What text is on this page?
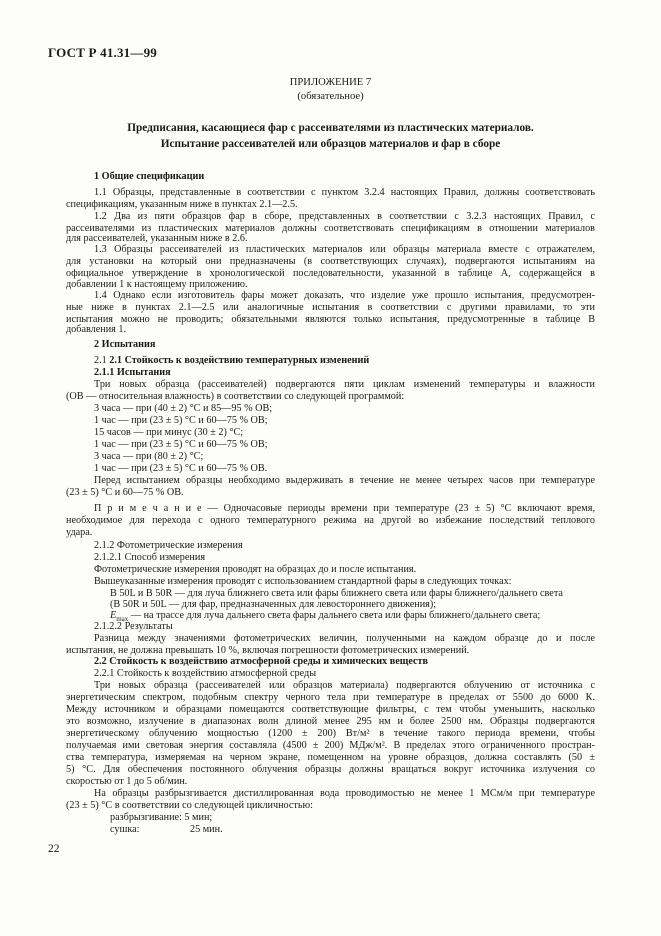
ГОСТ Р 41.31—99
ПРИЛОЖЕНИЕ 7
(обязательное)
Предписания, касающиеся фар с рассеивателями из пластических материалов.
Испытание рассеивателей или образцов материалов и фар в сборе
1 Общие спецификации
1.1 Образцы, представленные в соответствии с пунктом 3.2.4 настоящих Правил, должны соответствовать
спецификациям, указанным ниже в пунктах 2.1—2.5.
1.2 Два из пяти образцов фар в сборе, представленных в соответствии с 3.2.3 настоящих Правил, с
рассеивателями из пластических материалов должны соответствовать спецификациям в отношении материалов
для рассеивателей, указанным ниже в 2.6.
1.3 Образцы рассеивателей из пластических материалов или образцы материала вместе с отражателем,
для установки на который они предназначены (в соответствующих случаях), подвергаются испытаниям на
официальное утверждение в хронологической последовательности, указанной в таблице А, содержащейся в
добавлении 1 к настоящему приложению.
1.4 Однако если изготовитель фары может доказать, что изделие уже прошло испытания, предусмотрен-
ные ниже в пунктах 2.1—2.5 или аналогичные испытания в соответствии с другими правилами, то эти
испытания можно не проводить; обязательными являются только испытания, предусмотренные в таблице В
добавления 1.
2 Испытания
2.1 2.1 Стойкость к воздействию температурных изменений
2.1.1 Испытания
Три новых образца (рассеивателей) подвергаются пяти циклам изменений температуры и влажности
(ОВ — относительная влажность) в соответствии со следующей программой:
3 часа — при (40 ± 2) °С и 85—95 % ОВ;
1 час — при (23 ± 5) °С и 60—75 % ОВ;
15 часов — при минус (30 ± 2) °С;
1 час — при (23 ± 5) °С и 60—75 % ОВ;
3 часа — при (80 ± 2) °С;
1 час — при (23 ± 5) °С и 60—75 % ОВ.
Перед испытанием образцы необходимо выдерживать в течение не менее четырех часов при температуре
(23 ± 5) °С и 60—75 % ОВ.
П р и м е ч а н и е — Одночасовые периоды времени при температуре (23 ± 5) °С включают время,
необходимое для перехода с одного температурного режима на другой во избежание последствий теплового
удара.
2.1.2 Фотометрические измерения
2.1.2.1 Способ измерения
Фотометрические измерения проводят на образцах до и после испытания.
Вышеуказанные измерения проводят с использованием стандартной фары в следующих точках:
В 50L и В 50R — для луча ближнего света или фары ближнего света или фары ближнего/дальнего света
(В 50R и 50L — для фар, предназначенных для левостороннего движения);
$E_{max}$ — на трассе для луча дальнего света фары дальнего света или фары ближнего/дальнего света;
2.1.2.2 Результаты
Разница между значениями фотометрических величин, полученными на каждом образце до и после
испытания, не должна превышать 10 %, включая погрешности фотометрических измерений.
2.2 Стойкость к воздействию атмосферной среды и химических веществ
2.2.1 Стойкость к воздействию атмосферной среды
Три новых образца (рассеивателей или образцов материала) подвергаются облучению от источника с
энергетическим спектром, подобным спектру черного тела при температуре в пределах от 5500 до 6000 К.
Между источником и образцами помещаются соответствующие фильтры, с тем чтобы уменьшить, насколько
это возможно, излучение в диапазонах волн длиной менее 295 нм и более 2500 нм. Образцы подвергаются
энергетическому облучению мощностью (1200 ± 200) Вт/м² в течение такого периода времени, чтобы
получаемая ими световая энергия составляла (4500 ± 200) МДж/м². В пределах этого ограниченного простран-
ства температура, измеряемая на черном экране, помещенном на уровне образцов, должна составлять (50 ±
5) °С. Для обеспечения постоянного облучения образцы должны вращаться вокруг источника излучения со
скоростью от 1 до 5 об/мин.
На образцы разбрызгивается дистиллированная вода проводимостью не менее 1 МСм/м при температуре
(23 ± 5) °С в соответствии со следующей цикличностью:
разбрызгивание: 5 мин;
сушка:	25 мин.
22
